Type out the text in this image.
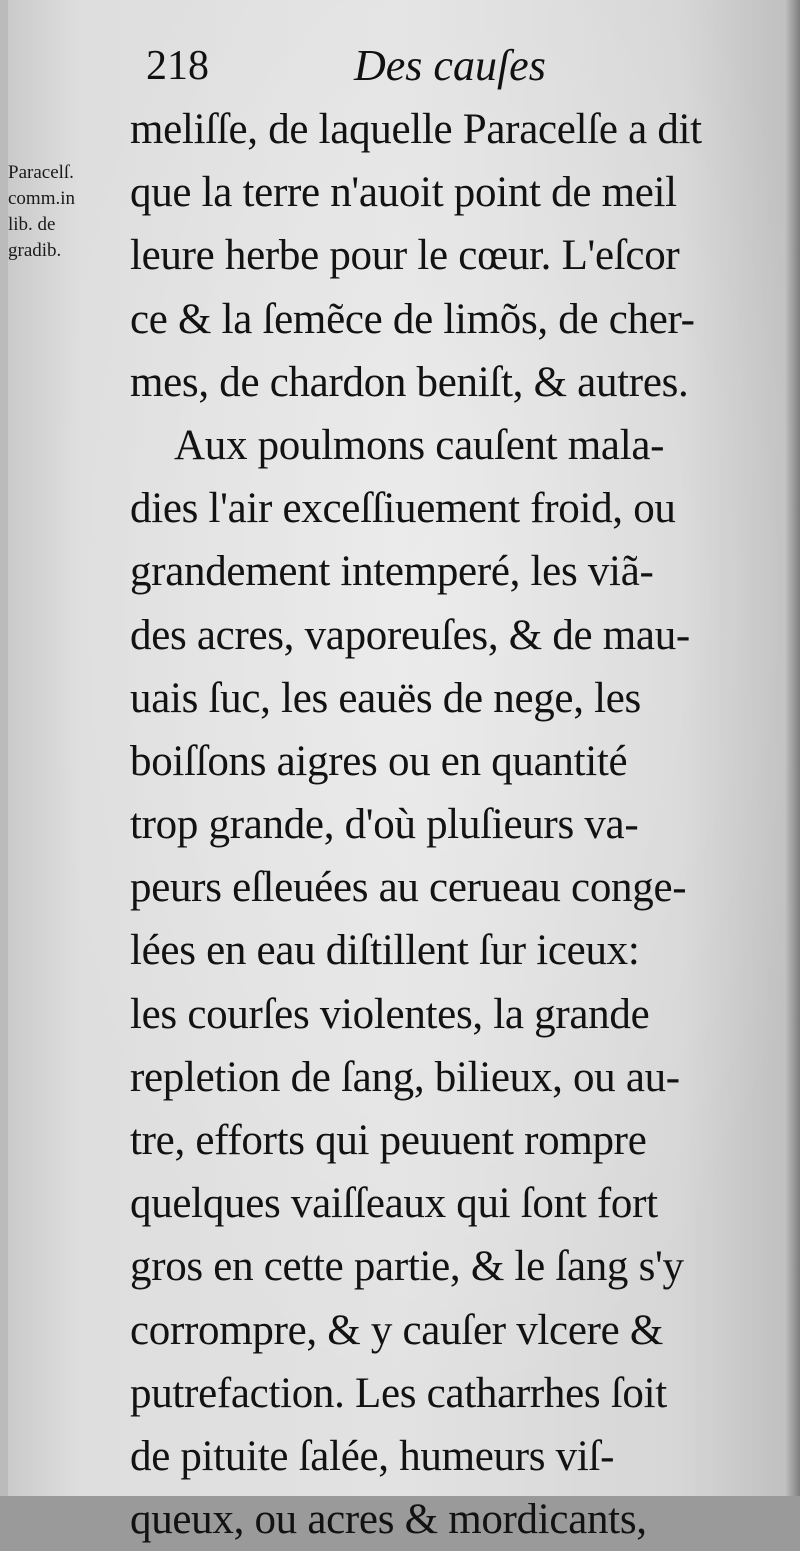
218	Des cauſes
Paracelſ.
comm.in
lib. de
gradib.
meliſſe, de laquelle Paracelſe a dit
que la terre n'auoit point de meil
leure herbe pour le cœur. L'eſcor
ce & la ſemẽce de limõs, de cher-
mes, de chardon beniſt, & autres.
Aux poulmons cauſent mala-
dies l'air exceſſiuement froid, ou
grandement intemperé, les viã-
des acres, vaporeuſes, & de mau-
uais ſuc, les eauës de nege, les
boiſſons aigres ou en quantité
trop grande, d'où pluſieurs va-
peurs eſleuées au cerueau conge-
lées en eau diſtillent ſur iceux:
les courſes violentes, la grande
repletion de ſang, bilieux, ou au-
tre, efforts qui peuuent rompre
quelques vaiſſeaux qui ſont fort
gros en cette partie, & le ſang s'y
corrompre, & y cauſer vlcere &
putrefaction. Les catharrhes ſoit
de pituite ſalée, humeurs viſ-
queux, ou acres & mordicants,
